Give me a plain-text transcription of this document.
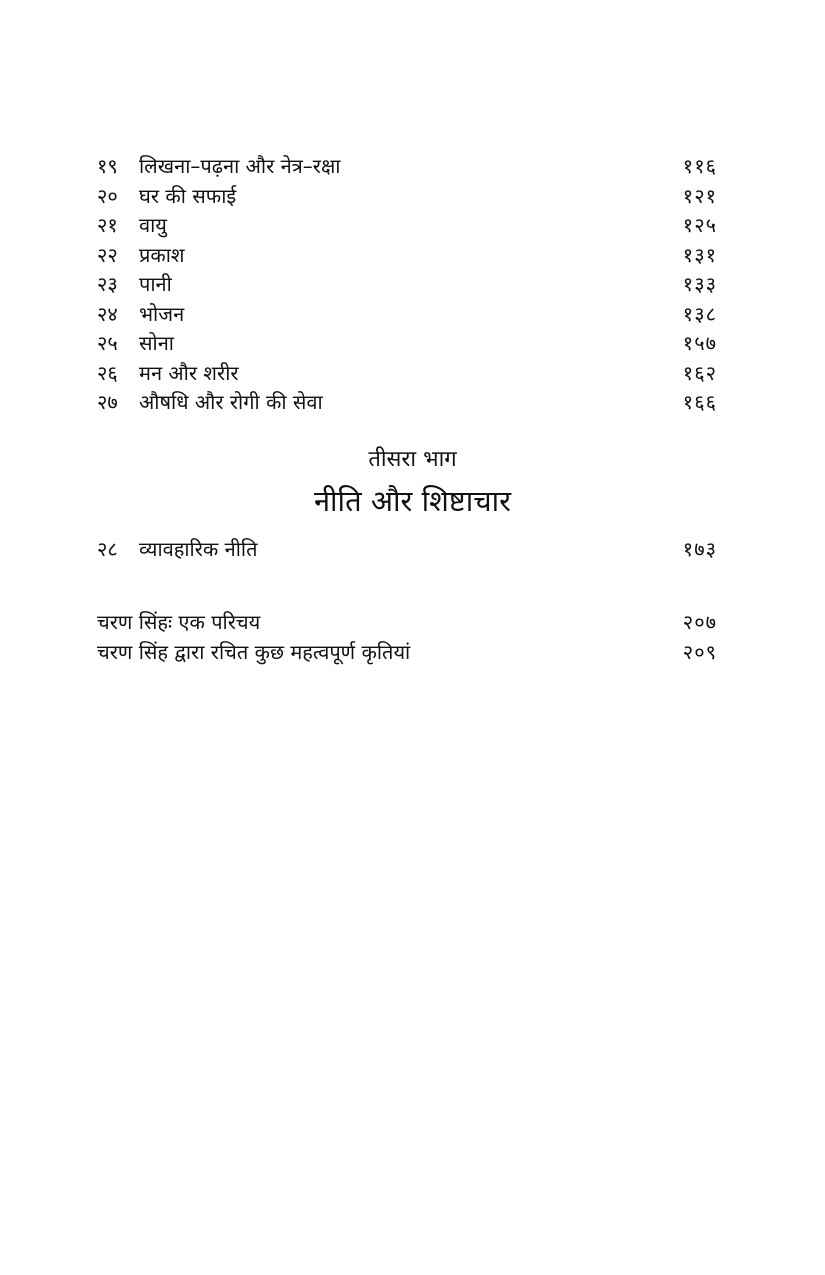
१९	लिखना–पढ़ना और नेत्र–रक्षा	११६
२०	घर की सफाई	१२१
२१	वायु	१२५
२२	प्रकाश	१३१
२३	पानी	१३३
२४	भोजन	१३८
२५	सोना	१५७
२६	मन और शरीर	१६२
२७	औषधि और रोगी की सेवा	१६६
तीसरा भाग
नीति और शिष्टाचार
२८	व्यावहारिक नीति	१७३
चरण सिंहः एक परिचय	२०७
चरण सिंह द्वारा रचित कुछ महत्वपूर्ण कृतियां	२०९
